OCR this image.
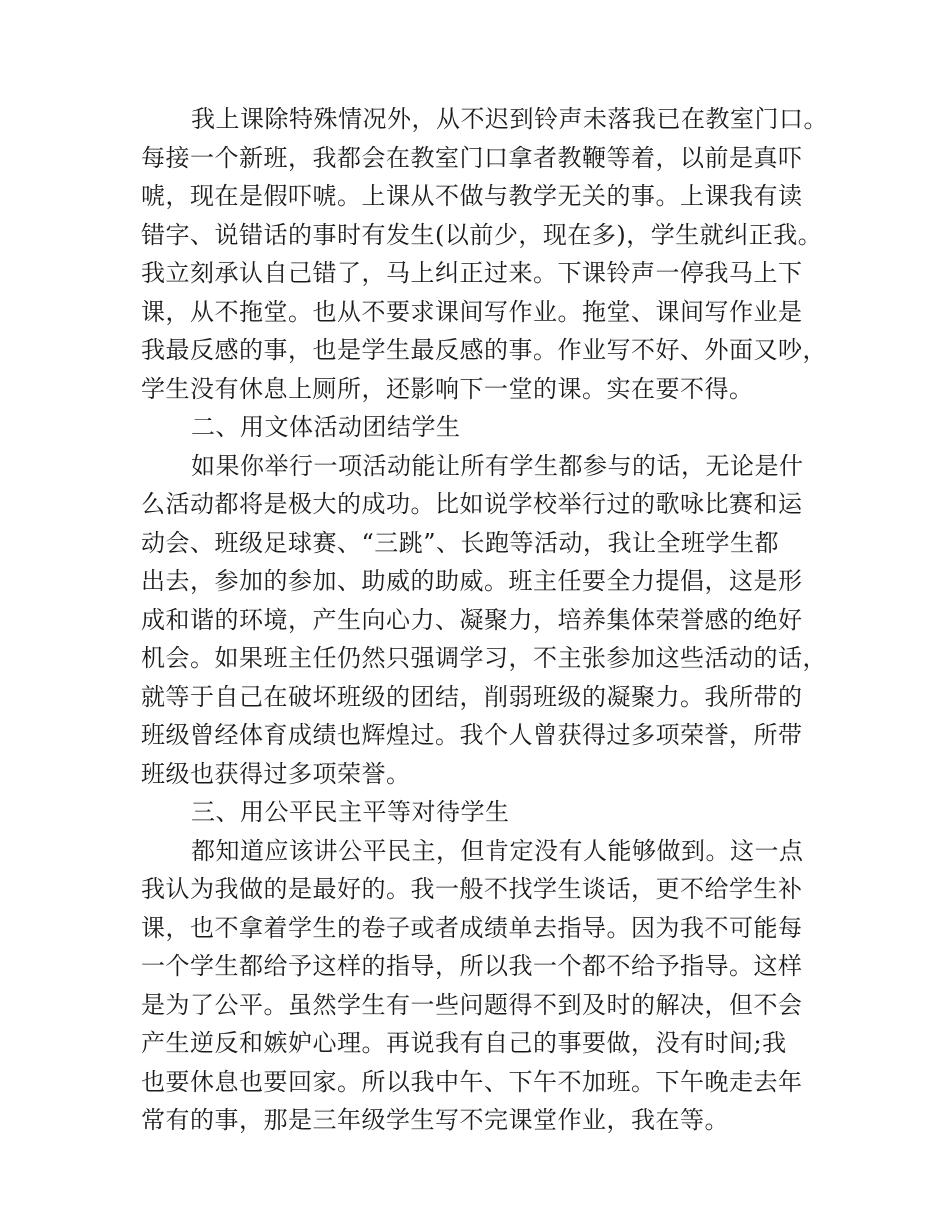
我上课除特殊情况外，从不迟到铃声未落我已在教室门口。
每接一个新班，我都会在教室门口拿者教鞭等着，以前是真吓
唬，现在是假吓唬。上课从不做与教学无关的事。上课我有读
错字、说错话的事时有发生(以前少，现在多)，学生就纠正我。
我立刻承认自己错了，马上纠正过来。下课铃声一停我马上下
课，从不拖堂。也从不要求课间写作业。拖堂、课间写作业是
我最反感的事，也是学生最反感的事。作业写不好、外面又吵，
学生没有休息上厕所，还影响下一堂的课。实在要不得。
二、用文体活动团结学生
如果你举行一项活动能让所有学生都参与的话，无论是什
么活动都将是极大的成功。比如说学校举行过的歌咏比赛和运
动会、班级足球赛、“三跳”、长跑等活动，我让全班学生都
出去，参加的参加、助威的助威。班主任要全力提倡，这是形
成和谐的环境，产生向心力、凝聚力，培养集体荣誉感的绝好
机会。如果班主任仍然只强调学习，不主张参加这些活动的话，
就等于自己在破坏班级的团结，削弱班级的凝聚力。我所带的
班级曾经体育成绩也辉煌过。我个人曾获得过多项荣誉，所带
班级也获得过多项荣誉。
三、用公平民主平等对待学生
都知道应该讲公平民主，但肯定没有人能够做到。这一点
我认为我做的是最好的。我一般不找学生谈话，更不给学生补
课，也不拿着学生的卷子或者成绩单去指导。因为我不可能每
一个学生都给予这样的指导，所以我一个都不给予指导。这样
是为了公平。虽然学生有一些问题得不到及时的解决，但不会
产生逆反和嫉妒心理。再说我有自己的事要做，没有时间;我
也要休息也要回家。所以我中午、下午不加班。下午晚走去年
常有的事，那是三年级学生写不完课堂作业，我在等。
